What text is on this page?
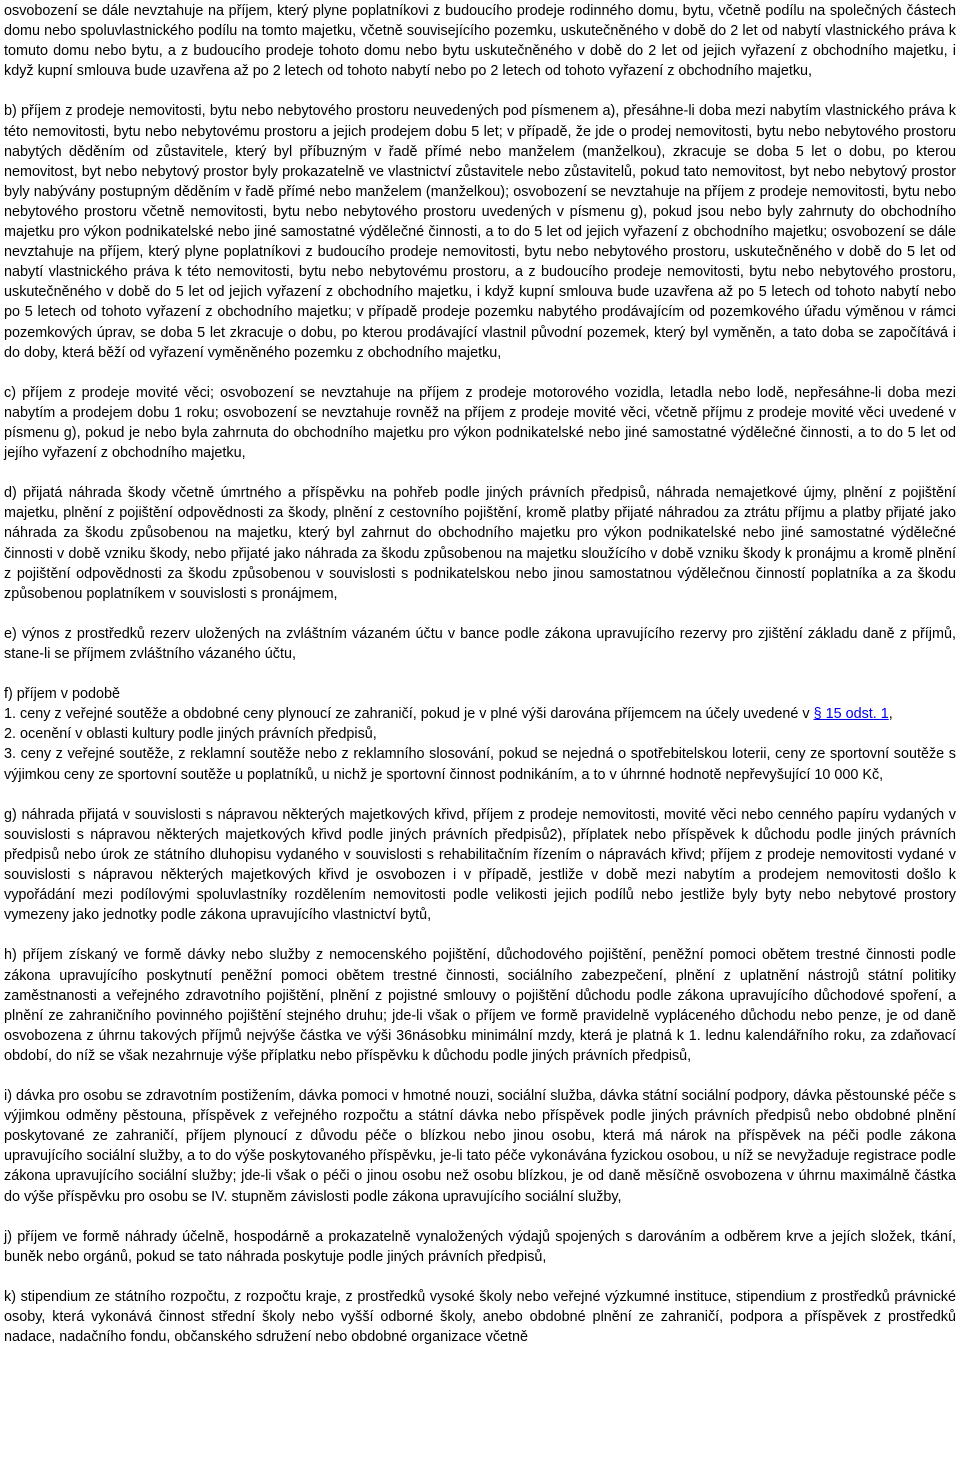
osvobození se dále nevztahuje na příjem, který plyne poplatníkovi z budoucího prodeje rodinného domu, bytu, včetně podílu na společných částech domu nebo spoluvlastnického podílu na tomto majetku, včetně souvisejícího pozemku, uskutečněného v době do 2 let od nabytí vlastnického práva k tomuto domu nebo bytu, a z budoucího prodeje tohoto domu nebo bytu uskutečněného v době do 2 let od jejich vyřazení z obchodního majetku, i když kupní smlouva bude uzavřena až po 2 letech od tohoto nabytí nebo po 2 letech od tohoto vyřazení z obchodního majetku,

b) příjem z prodeje nemovitosti, bytu nebo nebytového prostoru neuvedených pod písmenem a), přesáhne-li doba mezi nabytím vlastnického práva k této nemovitosti, bytu nebo nebytovému prostoru a jejich prodejem dobu 5 let; v případě, že jde o prodej nemovitosti, bytu nebo nebytového prostoru nabytých děděním od zůstavitele, který byl příbuzným v řadě přímé nebo manželem (manželkou), zkracuje se doba 5 let o dobu, po kterou nemovitost, byt nebo nebytový prostor byly prokazatelně ve vlastnictví zůstavitele nebo zůstavitelů, pokud tato nemovitost, byt nebo nebytový prostor byly nabývány postupným děděním v řadě přímé nebo manželem (manželkou); osvobození se nevztahuje na příjem z prodeje nemovitosti, bytu nebo nebytového prostoru včetně nemovitosti, bytu nebo nebytového prostoru uvedených v písmenu g), pokud jsou nebo byly zahrnuty do obchodního majetku pro výkon podnikatelské nebo jiné samostatné výdělečné činnosti, a to do 5 let od jejich vyřazení z obchodního majetku; osvobození se dále nevztahuje na příjem, který plyne poplatníkovi z budoucího prodeje nemovitosti, bytu nebo nebytového prostoru, uskutečněného v době do 5 let od nabytí vlastnického práva k této nemovitosti, bytu nebo nebytovému prostoru, a z budoucího prodeje nemovitosti, bytu nebo nebytového prostoru, uskutečněného v době do 5 let od jejich vyřazení z obchodního majetku, i když kupní smlouva bude uzavřena až po 5 letech od tohoto nabytí nebo po 5 letech od tohoto vyřazení z obchodního majetku; v případě prodeje pozemku nabytého prodávajícím od pozemkového úřadu výměnou v rámci pozemkových úprav, se doba 5 let zkracuje o dobu, po kterou prodávající vlastnil původní pozemek, který byl vyměněn, a tato doba se započítává i do doby, která běží od vyřazení vyměněného pozemku z obchodního majetku,

c) příjem z prodeje movité věci; osvobození se nevztahuje na příjem z prodeje motorového vozidla, letadla nebo lodě, nepřesáhne-li doba mezi nabytím a prodejem dobu 1 roku; osvobození se nevztahuje rovněž na příjem z prodeje movité věci, včetně příjmu z prodeje movité věci uvedené v písmenu g), pokud je nebo byla zahrnuta do obchodního majetku pro výkon podnikatelské nebo jiné samostatné výdělečné činnosti, a to do 5 let od jejího vyřazení z obchodního majetku,

d) přijatá náhrada škody včetně úmrtného a příspěvku na pohřeb podle jiných právních předpisů, náhrada nemajetkové újmy, plnění z pojištění majetku, plnění z pojištění odpovědnosti za škody, plnění z cestovního pojištění, kromě platby přijaté náhradou za ztrátu příjmu a platby přijaté jako náhrada za škodu způsobenou na majetku, který byl zahrnut do obchodního majetku pro výkon podnikatelské nebo jiné samostatné výdělečné činnosti v době vzniku škody, nebo přijaté jako náhrada za škodu způsobenou na majetku sloužícího v době vzniku škody k pronájmu a kromě plnění z pojištění odpovědnosti za škodu způsobenou v souvislosti s podnikatelskou nebo jinou samostatnou výdělečnou činností poplatníka a za škodu způsobenou poplatníkem v souvislosti s pronájmem,

e) výnos z prostředků rezerv uložených na zvláštním vázaném účtu v bance podle zákona upravujícího rezervy pro zjištění základu daně z příjmů, stane-li se příjmem zvláštního vázaného účtu,

f) příjem v podobě

1. ceny z veřejné soutěže a obdobné ceny plynoucí ze zahraničí, pokud je v plné výši darována příjemcem na účely uvedené v § 15 odst. 1,

2. ocenění v oblasti kultury podle jiných právních předpisů,

3. ceny z veřejné soutěže, z reklamní soutěže nebo z reklamního slosování, pokud se nejedná o spotřebitelskou loterii, ceny ze sportovní soutěže s výjimkou ceny ze sportovní soutěže u poplatníků, u nichž je sportovní činnost podnikáním, a to v úhrnné hodnotě nepřevyšující 10 000 Kč,

g) náhrada přijatá v souvislosti s nápravou některých majetkových křivd, příjem z prodeje nemovitosti, movité věci nebo cenného papíru vydaných v souvislosti s nápravou některých majetkových křivd podle jiných právních předpisů2), příplatek nebo příspěvek k důchodu podle jiných právních předpisů nebo úrok ze státního dluhopisu vydaného v souvislosti s rehabilitačním řízením o nápravách křivd; příjem z prodeje nemovitosti vydané v souvislosti s nápravou některých majetkových křivd je osvobozen i v případě, jestliže v době mezi nabytím a prodejem nemovitosti došlo k vypořádání mezi podílovými spoluvlastníky rozdělením nemovitosti podle velikosti jejich podílů nebo jestliže byly byty nebo nebytové prostory vymezeny jako jednotky podle zákona upravujícího vlastnictví bytů,

h) příjem získaný ve formě dávky nebo služby z nemocenského pojištění, důchodového pojištění, peněžní pomoci obětem trestné činnosti podle zákona upravujícího poskytnutí peněžní pomoci obětem trestné činnosti, sociálního zabezpečení, plnění z uplatnění nástrojů státní politiky zaměstnanosti a veřejného zdravotního pojištění, plnění z pojistné smlouvy o pojištění důchodu podle zákona upravujícího důchodové spoření, a plnění ze zahraničního povinného pojištění stejného druhu; jde-li však o příjem ve formě pravidelně vypláceného důchodu nebo penze, je od daně osvobozena z úhrnu takových příjmů nejvýše částka ve výši 36násobku minimální mzdy, která je platná k 1. lednu kalendářního roku, za zdaňovací období, do níž se však nezahrnuje výše příplatku nebo příspěvku k důchodu podle jiných právních předpisů,

i) dávka pro osobu se zdravotním postižením, dávka pomoci v hmotné nouzi, sociální služba, dávka státní sociální podpory, dávka pěstounské péče s výjimkou odměny pěstouna, příspěvek z veřejného rozpočtu a státní dávka nebo příspěvek podle jiných právních předpisů nebo obdobné plnění poskytované ze zahraničí, příjem plynoucí z důvodu péče o blízkou nebo jinou osobu, která má nárok na příspěvek na péči podle zákona upravujícího sociální služby, a to do výše poskytovaného příspěvku, je-li tato péče vykonávána fyzickou osobou, u níž se nevyžaduje registrace podle zákona upravujícího sociální služby; jde-li však o péči o jinou osobu než osobu blízkou, je od daně měsíčně osvobozena v úhrnu maximálně částka do výše příspěvku pro osobu se IV. stupněm závislosti podle zákona upravujícího sociální služby,

j) příjem ve formě náhrady účelně, hospodárně a prokazatelně vynaložených výdajů spojených s darováním a odběrem krve a jejích složek, tkání, buněk nebo orgánů, pokud se tato náhrada poskytuje podle jiných právních předpisů,

k) stipendium ze státního rozpočtu, z rozpočtu kraje, z prostředků vysoké školy nebo veřejné výzkumné instituce, stipendium z prostředků právnické osoby, která vykonává činnost střední školy nebo vyšší odborné školy, anebo obdobné plnění ze zahraničí, podpora a příspěvek z prostředků nadace, nadačního fondu, občanského sdružení nebo obdobné organizace včetně
